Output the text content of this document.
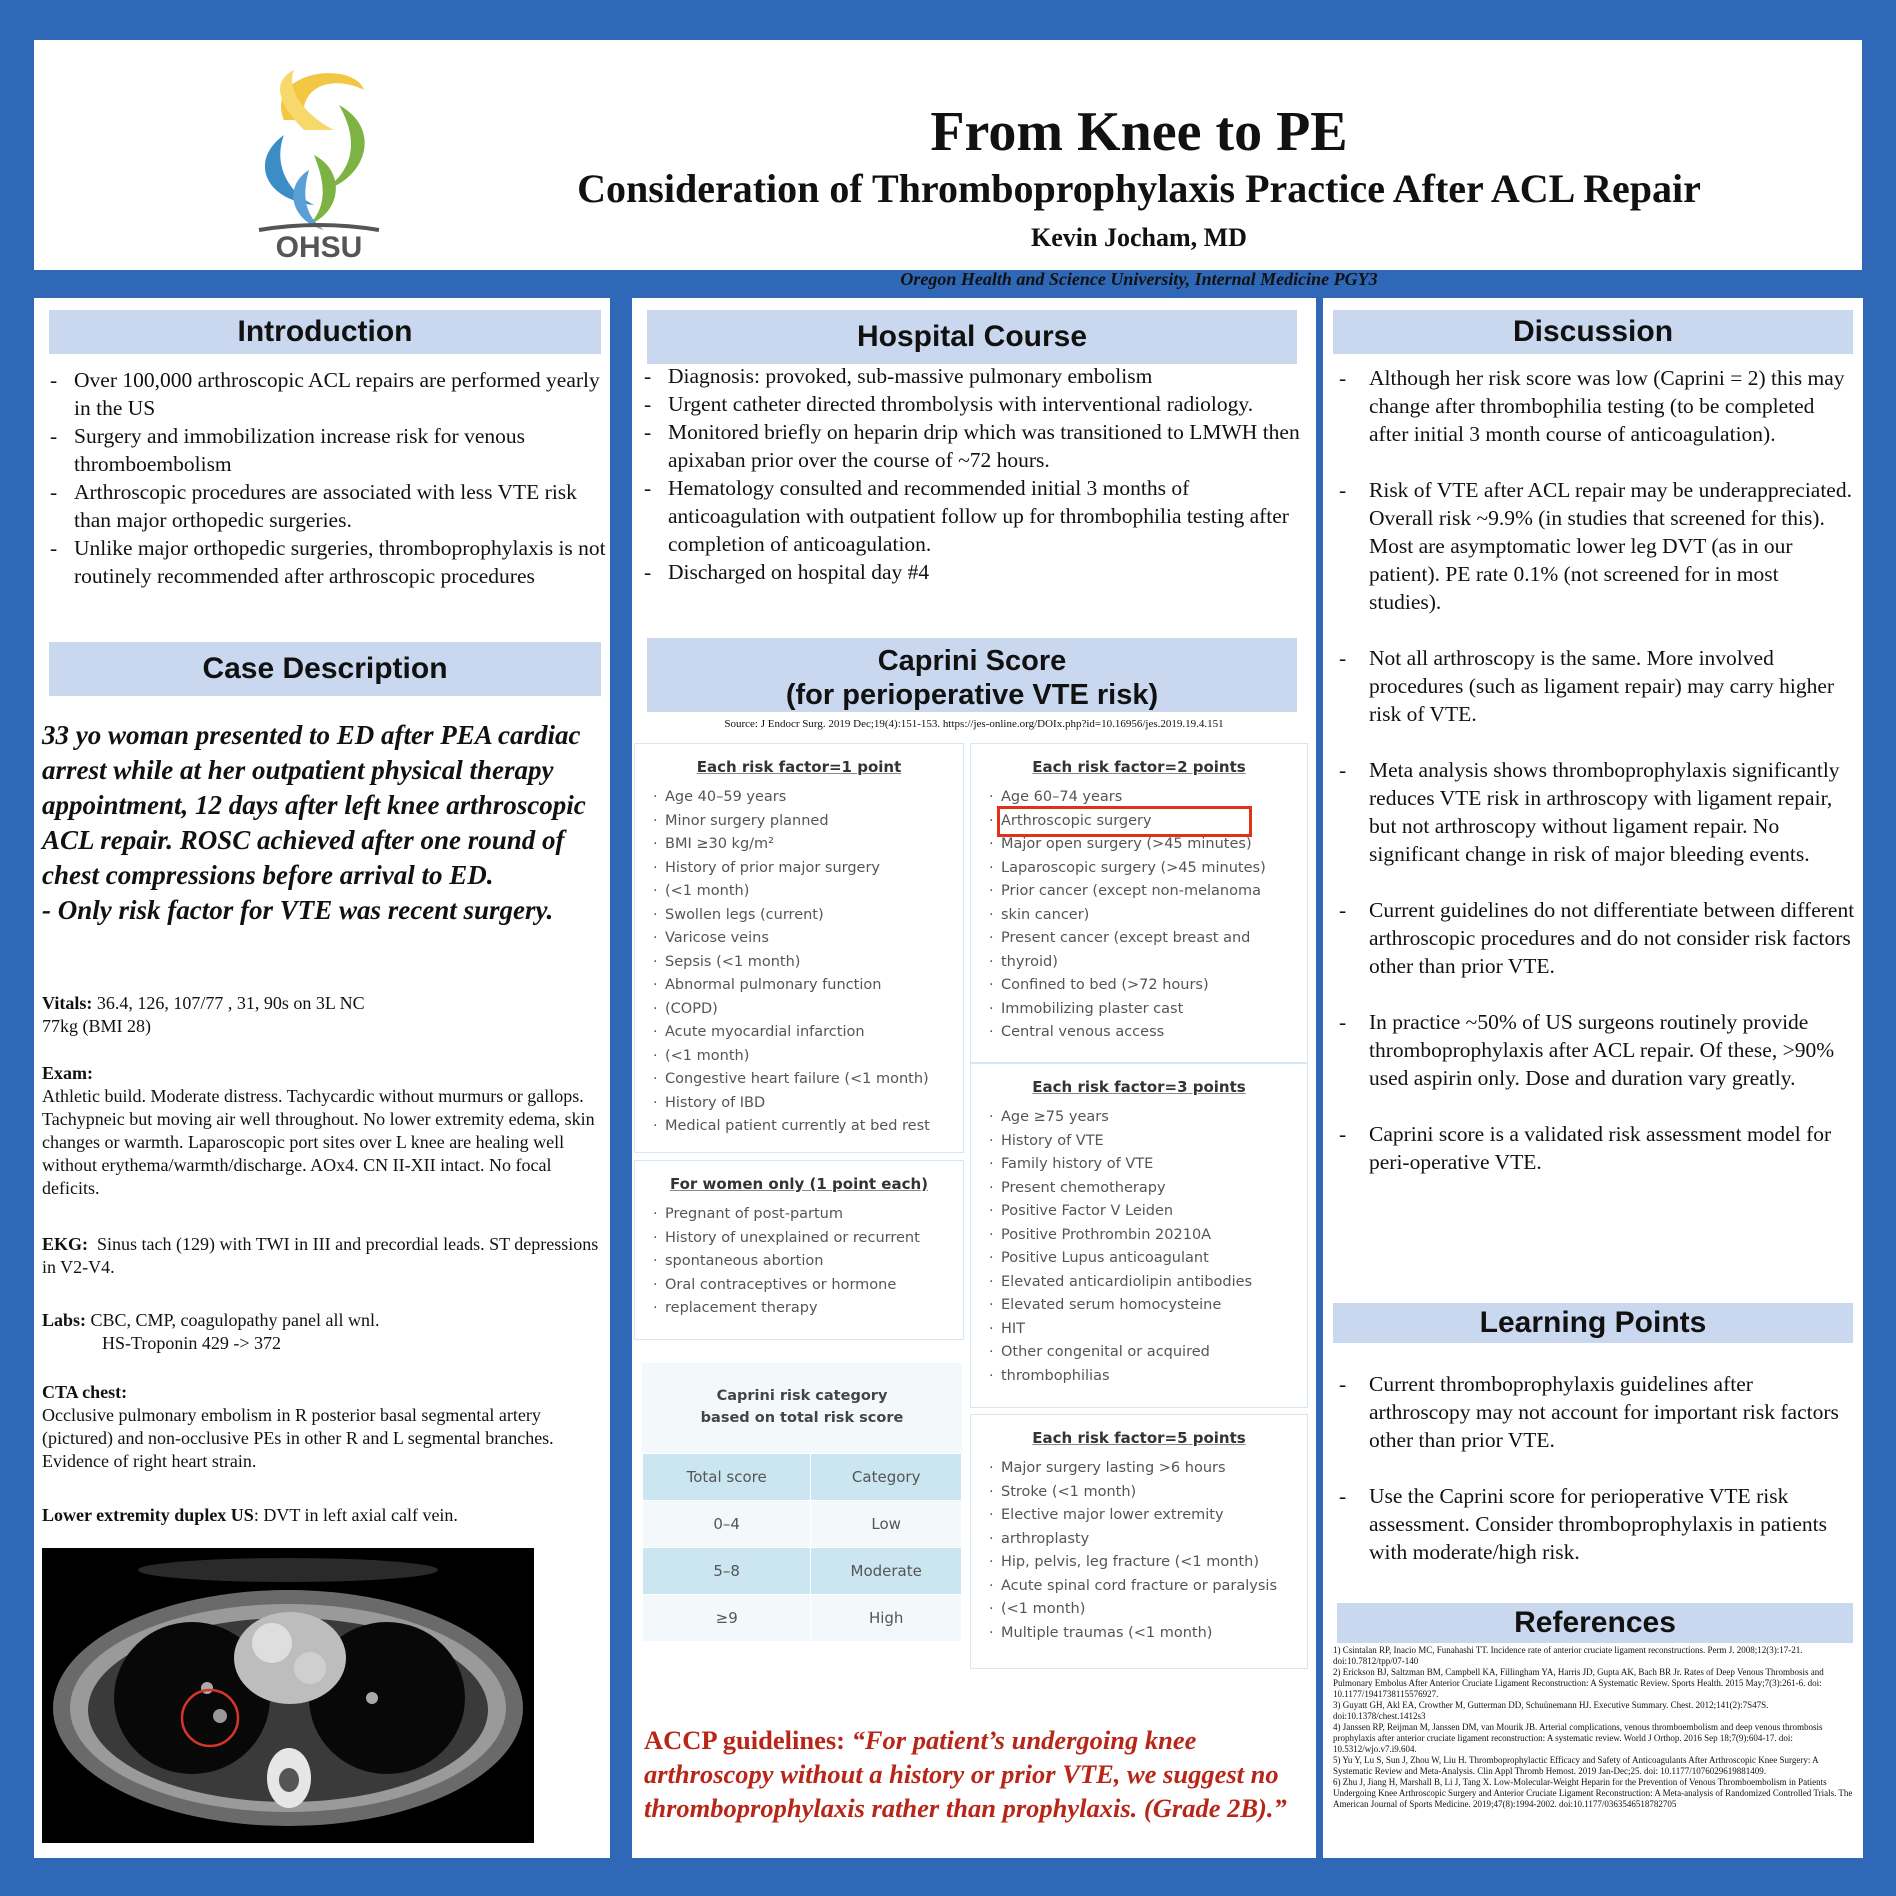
OHSU
From Knee to PE
Consideration of Thromboprophylaxis Practice After ACL Repair
Kevin Jocham, MD
Oregon Health and Science University, Internal Medicine PGY3
Introduction
- Over 100,000 arthroscopic ACL repairs are performed yearly in the US
- Surgery and immobilization increase risk for venous thromboembolism
- Arthroscopic procedures are associated with less VTE risk than major orthopedic surgeries.
- Unlike major orthopedic surgeries, thromboprophylaxis is not routinely recommended after arthroscopic procedures
Case Description
33 yo woman presented to ED after PEA cardiac arrest while at her outpatient physical therapy appointment, 12 days after left knee arthroscopic ACL repair. ROSC achieved after one round of chest compressions before arrival to ED.
- Only risk factor for VTE was recent surgery.
Vitals: 36.4, 126, 107/77 , 31, 90s on 3L NC
77kg (BMI 28)
Exam:
Athletic build. Moderate distress. Tachycardic without murmurs or gallops. Tachypneic but moving air well throughout. No lower extremity edema, skin changes or warmth. Laparoscopic port sites over L knee are healing well without erythema/warmth/discharge. AOx4. CN II-XII intact. No focal deficits.
EKG: Sinus tach (129) with TWI in III and precordial leads. ST depressions in V2-V4.
Labs: CBC, CMP, coagulopathy panel all wnl.
HS-Troponin 429 -> 372
CTA chest:
Occlusive pulmonary embolism in R posterior basal segmental artery (pictured) and non-occlusive PEs in other R and L segmental branches. Evidence of right heart strain.
Lower extremity duplex US: DVT in left axial calf vein.
Hospital Course
- Diagnosis: provoked, sub-massive pulmonary embolism
- Urgent catheter directed thrombolysis with interventional radiology.
- Monitored briefly on heparin drip which was transitioned to LMWH then apixaban prior over the course of ~72 hours.
- Hematology consulted and recommended initial 3 months of anticoagulation with outpatient follow up for thrombophilia testing after completion of anticoagulation.
- Discharged on hospital day #4
Caprini Score
(for perioperative VTE risk)
Source: J Endocr Surg. 2019 Dec;19(4):151-153. https://jes-online.org/DOIx.php?id=10.16956/jes.2019.19.4.151
Each risk factor=1 point
· Age 40–59 years
· Minor surgery planned
· BMI ≥30 kg/m²
· History of prior major surgery
· (<1 month)
· Swollen legs (current)
· Varicose veins
· Sepsis (<1 month)
· Abnormal pulmonary function
· (COPD)
· Acute myocardial infarction
· (<1 month)
· Congestive heart failure (<1 month)
· History of IBD
· Medical patient currently at bed rest
Each risk factor=2 points
· Age 60–74 years
· Arthroscopic surgery
· Major open surgery (>45 minutes)
· Laparoscopic surgery (>45 minutes)
· Prior cancer (except non-melanoma
· skin cancer)
· Present cancer (except breast and
· thyroid)
· Confined to bed (>72 hours)
· Immobilizing plaster cast
· Central venous access
For women only (1 point each)
· Pregnant of post-partum
· History of unexplained or recurrent
· spontaneous abortion
· Oral contraceptives or hormone
· replacement therapy
Each risk factor=3 points
· Age ≥75 years
· History of VTE
· Family history of VTE
· Present chemotherapy
· Positive Factor V Leiden
· Positive Prothrombin 20210A
· Positive Lupus anticoagulant
· Elevated anticardiolipin antibodies
· Elevated serum homocysteine
· HIT
· Other congenital or acquired
· thrombophilias
Each risk factor=5 points
· Major surgery lasting >6 hours
· Stroke (<1 month)
· Elective major lower extremity
· arthroplasty
· Hip, pelvis, leg fracture (<1 month)
· Acute spinal cord fracture or paralysis
· (<1 month)
· Multiple traumas (<1 month)
Caprini risk category
based on total risk score
Total score	Category
0–4	Low
5–8	Moderate
≥9	High
ACCP guidelines: “For patient’s undergoing knee arthroscopy without a history or prior VTE, we suggest no thromboprophylaxis rather than prophylaxis. (Grade 2B).”
Discussion
- Although her risk score was low (Caprini = 2) this may change after thrombophilia testing (to be completed after initial 3 month course of anticoagulation).
- Risk of VTE after ACL repair may be underappreciated. Overall risk ~9.9% (in studies that screened for this). Most are asymptomatic lower leg DVT (as in our patient). PE rate 0.1% (not screened for in most studies).
- Not all arthroscopy is the same. More involved procedures (such as ligament repair) may carry higher risk of VTE.
- Meta analysis shows thromboprophylaxis significantly reduces VTE risk in arthroscopy with ligament repair, but not arthroscopy without ligament repair. No significant change in risk of major bleeding events.
- Current guidelines do not differentiate between different arthroscopic procedures and do not consider risk factors other than prior VTE.
- In practice ~50% of US surgeons routinely provide thromboprophylaxis after ACL repair. Of these, >90% used aspirin only. Dose and duration vary greatly.
- Caprini score is a validated risk assessment model for peri-operative VTE.
Learning Points
- Current thromboprophylaxis guidelines after arthroscopy may not account for important risk factors other than prior VTE.
- Use the Caprini score for perioperative VTE risk assessment. Consider thromboprophylaxis in patients with moderate/high risk.
References

1) Csintalan RP, Inacio MC, Funahashi TT. Incidence rate of anterior cruciate ligament reconstructions. Perm J. 2008;12(3):17-21. doi:10.7812/tpp/07-140

2) Erickson BJ, Saltzman BM, Campbell KA, Fillingham YA, Harris JD, Gupta AK, Bach BR Jr. Rates of Deep Venous Thrombosis and Pulmonary Embolus After Anterior Cruciate Ligament Reconstruction: A Systematic Review. Sports Health. 2015 May;7(3):261-6. doi: 10.1177/1941738115576927.

3) Guyatt GH, Akl EA, Crowther M, Gutterman DD, Schuünemann HJ. Executive Summary. Chest. 2012;141(2):7S47S. doi:10.1378/chest.1412s3

4) Janssen RP, Reijman M, Janssen DM, van Mourik JB. Arterial complications, venous thromboembolism and deep venous thrombosis prophylaxis after anterior cruciate ligament reconstruction: A systematic review. World J Orthop. 2016 Sep 18;7(9):604-17. doi: 10.5312/wjo.v7.i9.604.

5) Yu Y, Lu S, Sun J, Zhou W, Liu H. Thromboprophylactic Efficacy and Safety of Anticoagulants After Arthroscopic Knee Surgery: A Systematic Review and Meta-Analysis. Clin Appl Thromb Hemost. 2019 Jan-Dec;25. doi: 10.1177/1076029619881409.

6) Zhu J, Jiang H, Marshall B, Li J, Tang X. Low-Molecular-Weight Heparin for the Prevention of Venous Thromboembolism in Patients Undergoing Knee Arthroscopic Surgery and Anterior Cruciate Ligament Reconstruction: A Meta-analysis of Randomized Controlled Trials. The American Journal of Sports Medicine. 2019;47(8):1994-2002. doi:10.1177/0363546518782705
